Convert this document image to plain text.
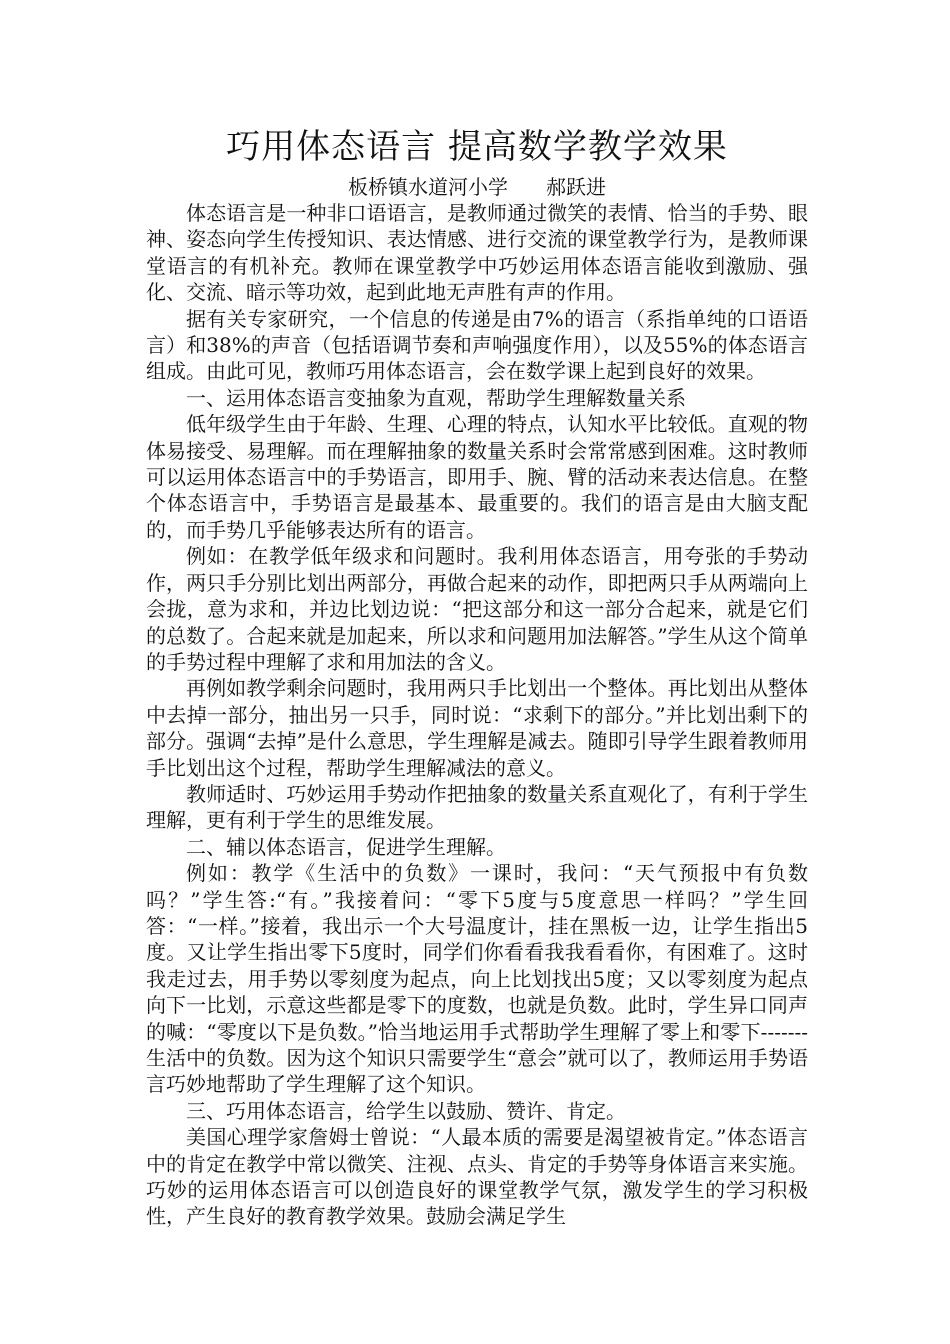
巧用体态语言 提高数学教学效果

板桥镇水道河小学 郝跃进

体态语言是一种非口语语言，是教师通过微笑的表情、恰当的手势、眼神、姿态向学生传授知识、表达情感、进行交流的课堂教学行为，是教师课堂语言的有机补充。教师在课堂教学中巧妙运用体态语言能收到激励、强化、交流、暗示等功效，起到此地无声胜有声的作用。

据有关专家研究，一个信息的传递是由7%的语言（系指单纯的口语语言）和38%的声音（包括语调节奏和声响强度作用），以及55%的体态语言组成。由此可见，教师巧用体态语言，会在数学课上起到良好的效果。

一、运用体态语言变抽象为直观，帮助学生理解数量关系

低年级学生由于年龄、生理、心理的特点，认知水平比较低。直观的物体易接受、易理解。而在理解抽象的数量关系时会常常感到困难。这时教师可以运用体态语言中的手势语言，即用手、腕、臂的活动来表达信息。在整个体态语言中，手势语言是最基本、最重要的。我们的语言是由大脑支配的，而手势几乎能够表达所有的语言。

例如：在教学低年级求和问题时。我利用体态语言，用夸张的手势动作，两只手分别比划出两部分，再做合起来的动作，即把两只手从两端向上会拢，意为求和，并边比划边说：“把这部分和这一部分合起来，就是它们的总数了。合起来就是加起来，所以求和问题用加法解答。”学生从这个简单的手势过程中理解了求和用加法的含义。

再例如教学剩余问题时，我用两只手比划出一个整体。再比划出从整体中去掉一部分，抽出另一只手，同时说：“求剩下的部分。”并比划出剩下的部分。强调“去掉”是什么意思，学生理解是减去。随即引导学生跟着教师用手比划出这个过程，帮助学生理解减法的意义。

教师适时、巧妙运用手势动作把抽象的数量关系直观化了，有利于学生理解，更有利于学生的思维发展。

二、辅以体态语言，促进学生理解。

例如：教学《生活中的负数》一课时，我问：“天气预报中有负数吗？”学生答:“有。”我接着问：“零下5度与5度意思一样吗？”学生回答：“一样。”接着，我出示一个大号温度计，挂在黑板一边，让学生指出5度。又让学生指出零下5度时，同学们你看看我我看看你，有困难了。这时我走过去，用手势以零刻度为起点，向上比划找出5度；又以零刻度为起点向下一比划，示意这些都是零下的度数，也就是负数。此时，学生异口同声的喊：“零度以下是负数。”恰当地运用手式帮助学生理解了零上和零下-------生活中的负数。因为这个知识只需要学生“意会”就可以了，教师运用手势语言巧妙地帮助了学生理解了这个知识。

三、巧用体态语言，给学生以鼓励、赞许、肯定。

美国心理学家詹姆士曾说：“人最本质的需要是渴望被肯定。”体态语言中的肯定在教学中常以微笑、注视、点头、肯定的手势等身体语言来实施。巧妙的运用体态语言可以创造良好的课堂教学气氛，激发学生的学习积极性，产生良好的教育教学效果。鼓励会满足学生
